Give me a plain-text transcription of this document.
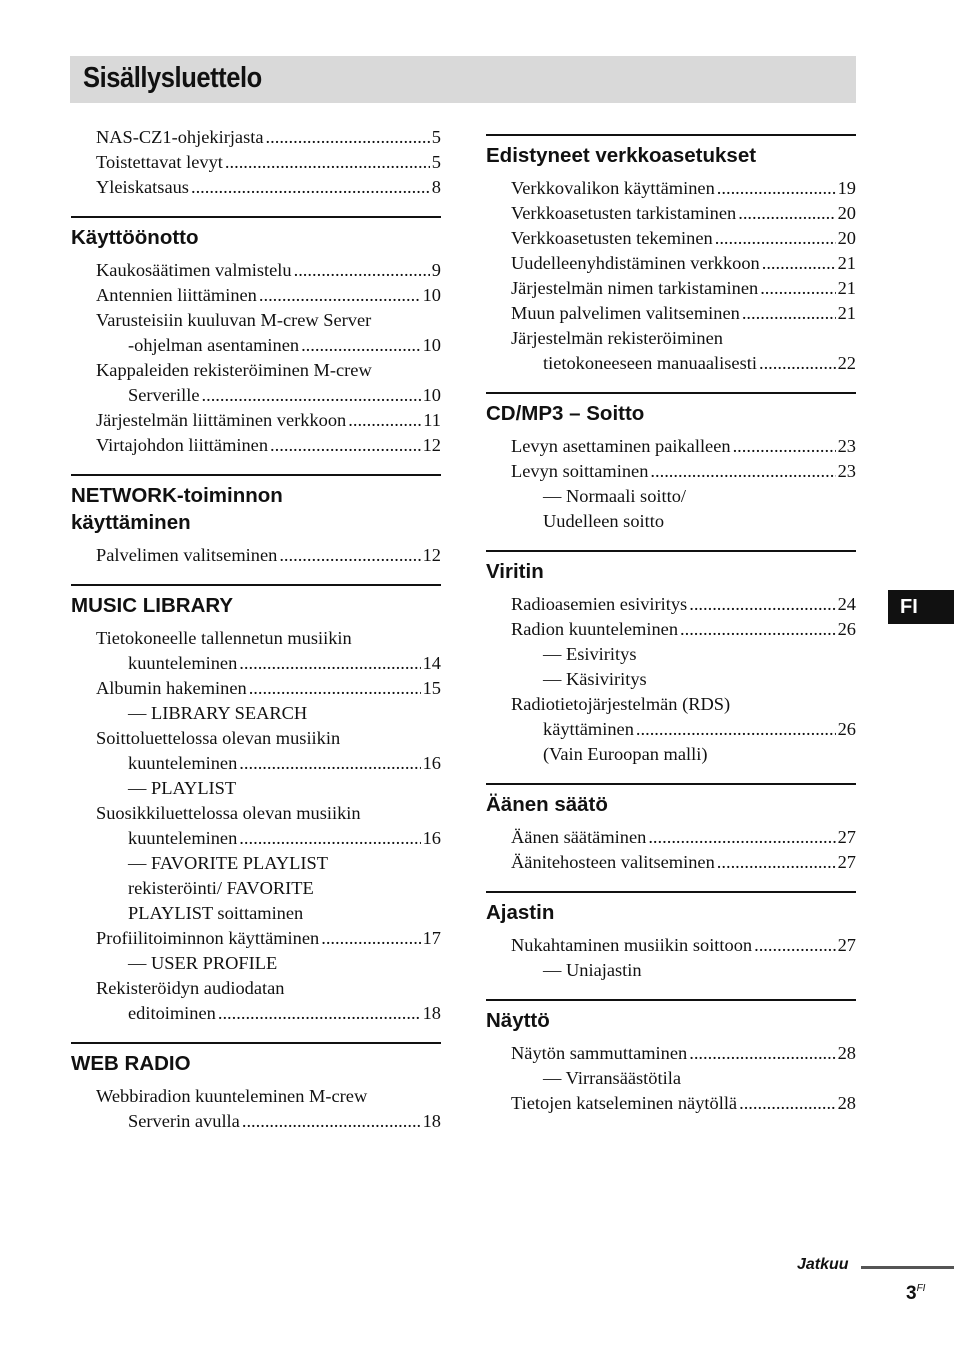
Sisällysluettelo
NAS-CZ1-ohjekirjasta .....	5
Toistettavat levyt .....	5
Yleiskatsaus .....	8
Käyttöönotto
Kaukosäätimen valmistelu .....	9
Antennien liittäminen .....	10
Varusteisiin kuuluvan M-crew Server
-ohjelman asentaminen .....	10
Kappaleiden rekisteröiminen M-crew
Serverille .....	10
Järjestelmän liittäminen verkkoon .....	11
Virtajohdon liittäminen .....	12
NETWORK-toiminnon käyttäminen
Palvelimen valitseminen .....	12
MUSIC LIBRARY
Tietokoneelle tallennetun musiikin
kuunteleminen .....	14
Albumin hakeminen .....	15
— LIBRARY SEARCH
Soittoluettelossa olevan musiikin
kuunteleminen .....	16
— PLAYLIST
Suosikkiluettelossa olevan musiikin
kuunteleminen .....	16
— FAVORITE PLAYLIST
rekisteröinti/ FAVORITE
PLAYLIST soittaminen
Profiilitoiminnon käyttäminen .....	17
— USER PROFILE
Rekisteröidyn audiodatan
editoiminen .....	18
WEB RADIO
Webbiradion kuunteleminen M-crew
Serverin avulla .....	18
Edistyneet verkkoasetukset
Verkkovalikon käyttäminen .....	19
Verkkoasetusten tarkistaminen .....	20
Verkkoasetusten tekeminen .....	20
Uudelleenyhdistäminen verkkoon .....	21
Järjestelmän nimen tarkistaminen .....	21
Muun palvelimen valitseminen .....	21
Järjestelmän rekisteröiminen
tietokoneeseen manuaalisesti .....	22
CD/MP3 – Soitto
Levyn asettaminen paikalleen .....	23
Levyn soittaminen .....	23
— Normaali soitto/
Uudelleen soitto
Viritin
Radioasemien esiviritys .....	24
Radion kuunteleminen .....	26
— Esiviritys
— Käsiviritys
Radiotietojärjestelmän (RDS)
käyttäminen .....	26
(Vain Euroopan malli)
Äänen säätö
Äänen säätäminen .....	27
Äänitehosteen valitseminen .....	27
Ajastin
Nukahtaminen musiikin soittoon .....	27
— Uniajastin
Näyttö
Näytön sammuttaminen .....	28
— Virransäästötila
Tietojen katseleminen näytöllä .....	28
FI
Jatkuu
$3^{FI}$
